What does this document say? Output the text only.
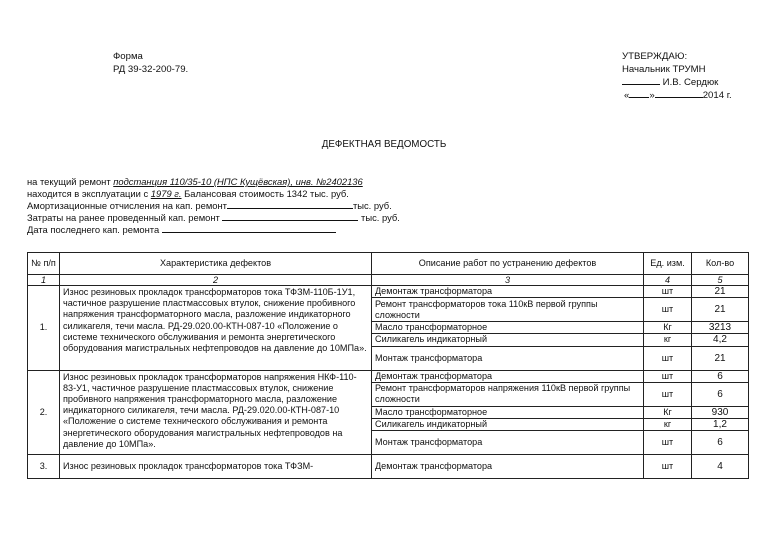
Форма
РД 39-32-200-79.
УТВЕРЖДАЮ:
Начальник ТРУМН
И.В. Сердюк
« »	2014 г.
ДЕФЕКТНАЯ ВЕДОМОСТЬ
на текущий ремонт подстанция 110/35-10 (НПС Кущёвская), инв. №2402136
находится в эксплуатации с 1979 г. Балансовая стоимость 1342 тыс. руб.
Амортизационные отчисления на кап. ремонт	тыс. руб.
Затраты на ранее проведенный кап. ремонт	тыс. руб.
Дата последнего кап. ремонта
№ п/п	Характеристика дефектов	Описание работ по устранению дефектов	Ед. изм.	Кол-во
1	2	3	4	5
1.	Износ резиновых прокладок трансформаторов тока ТФЗМ-110Б-1У1, частичное разрушение пластмассовых втулок, снижение пробивного напряжения трансформаторного масла, разложение индикаторного силикагеля, течи масла. РД-29.020.00-КТН-087-10 «Положение о системе технического обслуживания и ремонта энергетического оборудования магистральных нефтепроводов на давление до 10МПа».	Демонтаж трансформатора	шт	21
		Ремонт трансформаторов тока 110кВ первой группы сложности	шт	21
		Масло трансформаторное	Кг	3213
		Силикагель индикаторный	кг	4,2
		Монтаж трансформатора	шт	21
2.	Износ резиновых прокладок трансформаторов напряжения НКФ-110-83-У1, частичное разрушение пластмассовых втулок, снижение пробивного напряжения трансформаторного масла, разложение индикаторного силикагеля, течи масла. РД-29.020.00-КТН-087-10 «Положение о системе технического обслуживания и ремонта энергетического оборудования магистральных нефтепроводов на давление до 10МПа».	Демонтаж трансформатора	шт	6
		Ремонт трансформаторов напряжения 110кВ первой группы сложности	шт	6
		Масло трансформаторное	Кг	930
		Силикагель индикаторный	кг	1,2
		Монтаж трансформатора	шт	6
3.	Износ резиновых прокладок трансформаторов тока ТФЗМ-	Демонтаж трансформатора	шт	4
